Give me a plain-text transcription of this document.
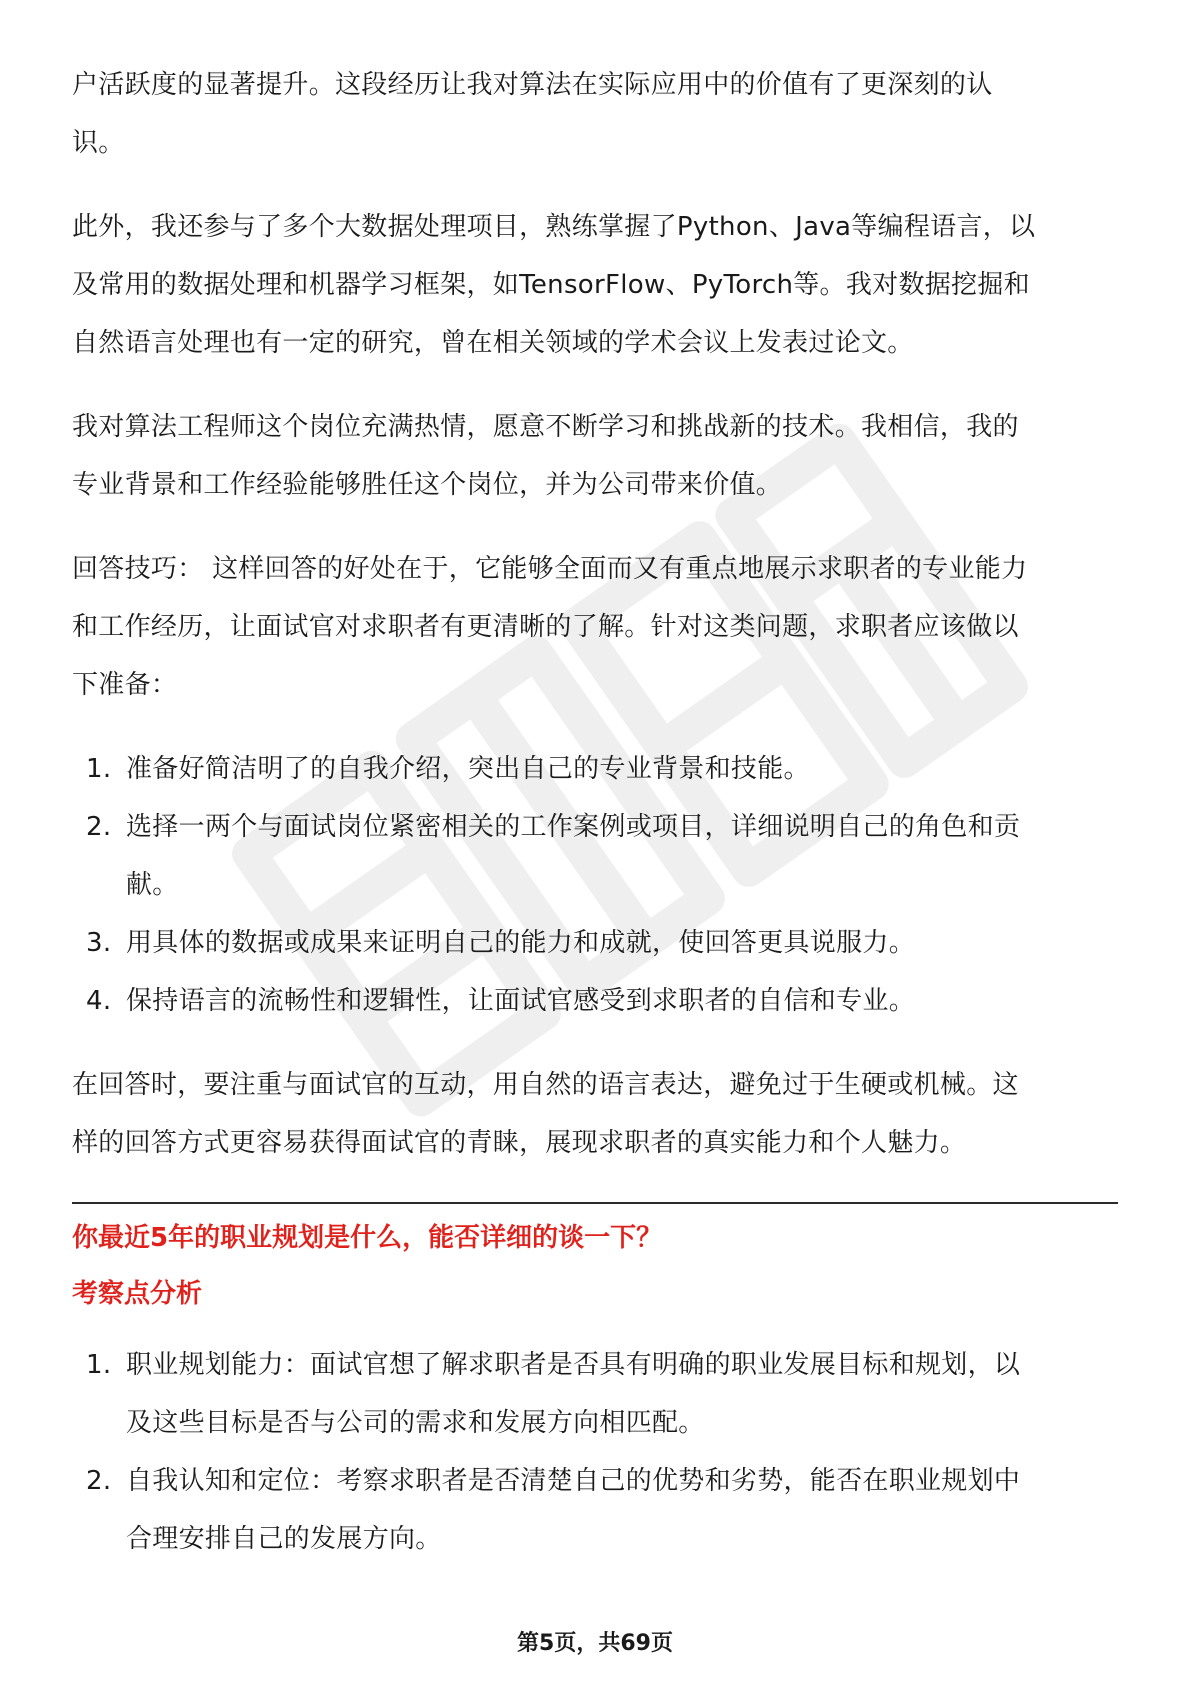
户活跃度的显著提升。这段经历让我对算法在实际应用中的价值有了更深刻的认
识。

此外，我还参与了多个大数据处理项目，熟练掌握了Python、Java等编程语言，以
及常用的数据处理和机器学习框架，如TensorFlow、PyTorch等。我对数据挖掘和
自然语言处理也有一定的研究，曾在相关领域的学术会议上发表过论文。

我对算法工程师这个岗位充满热情，愿意不断学习和挑战新的技术。我相信，我的
专业背景和工作经验能够胜任这个岗位，并为公司带来价值。

回答技巧： 这样回答的好处在于，它能够全面而又有重点地展示求职者的专业能力
和工作经历，让面试官对求职者有更清晰的了解。针对这类问题，求职者应该做以
下准备：

1. 准备好简洁明了的自我介绍，突出自己的专业背景和技能。
2. 选择一两个与面试岗位紧密相关的工作案例或项目，详细说明自己的角色和贡
献。
3. 用具体的数据或成果来证明自己的能力和成就，使回答更具说服力。
4. 保持语言的流畅性和逻辑性，让面试官感受到求职者的自信和专业。

在回答时，要注重与面试官的互动，用自然的语言表达，避免过于生硬或机械。这
样的回答方式更容易获得面试官的青睐，展现求职者的真实能力和个人魅力。

你最近5年的职业规划是什么，能否详细的谈一下？

考察点分析

1. 职业规划能力：面试官想了解求职者是否具有明确的职业发展目标和规划，以
及这些目标是否与公司的需求和发展方向相匹配。
2. 自我认知和定位：考察求职者是否清楚自己的优势和劣势，能否在职业规划中
合理安排自己的发展方向。
第5页，共69页
